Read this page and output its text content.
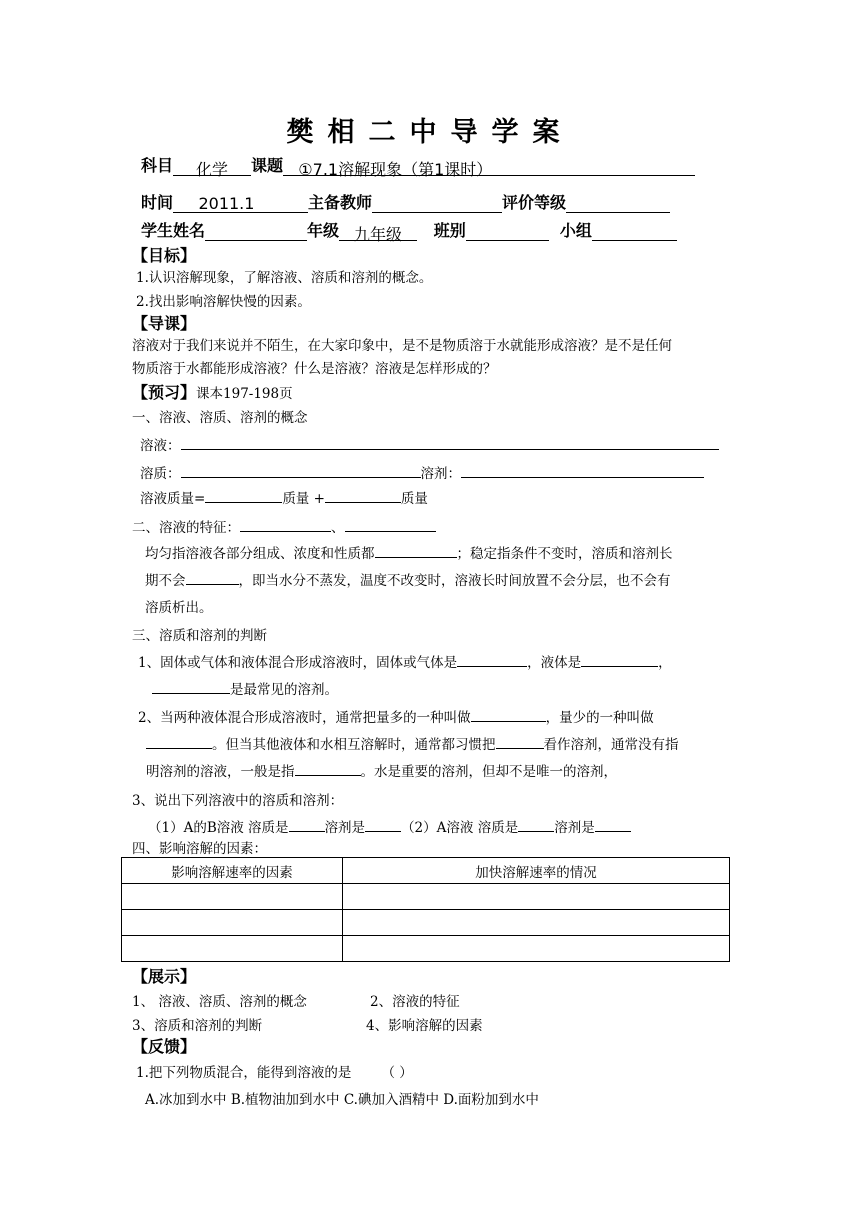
樊相二中导学案
科目 化学 课题 ①7.1溶解现象（第1课时）
时间 2011.1	主备教师	评价等级
学生姓名	年级 九年级 班别	小组
【目标】
1.认识溶解现象，了解溶液、溶质和溶剂的概念。
2.找出影响溶解快慢的因素。
【导课】
溶液对于我们来说并不陌生，在大家印象中，是不是物质溶于水就能形成溶液？是不是任何
物质溶于水都能形成溶液？什么是溶液？溶液是怎样形成的？
【预习】课本197-198页
一、溶液、溶质、溶剂的概念
溶液：
溶质：	溶剂：
溶液质量=	质量 +	质量
二、溶液的特征：	、
均匀指溶液各部分组成、浓度和性质都	；稳定指条件不变时，溶质和溶剂长
期不会	，即当水分不蒸发，温度不改变时，溶液长时间放置不会分层，也不会有
溶质析出。
三、溶质和溶剂的判断
1、固体或气体和液体混合形成溶液时，固体或气体是	，液体是	，
是最常见的溶剂。
2、当两种液体混合形成溶液时，通常把量多的一种叫做	，量少的一种叫做
。但当其他液体和水相互溶解时，通常都习惯把	看作溶剂，通常没有指
明溶剂的溶液，一般是指	。水是重要的溶剂，但却不是唯一的溶剂，
3、说出下列溶液中的溶质和溶剂：
（1）A的B溶液 溶质是	溶剂是	（2）A溶液 溶质是	溶剂是
四、影响溶解的因素：
影响溶解速率的因素	加快溶解速率的情况

【展示】
1、 溶液、溶质、溶剂的概念	2、溶液的特征
3、溶质和溶剂的判断	4、影响溶解的因素
【反馈】
1.把下列物质混合，能得到溶液的是 （ ）
A.冰加到水中 B.植物油加到水中 C.碘加入酒精中 D.面粉加到水中
